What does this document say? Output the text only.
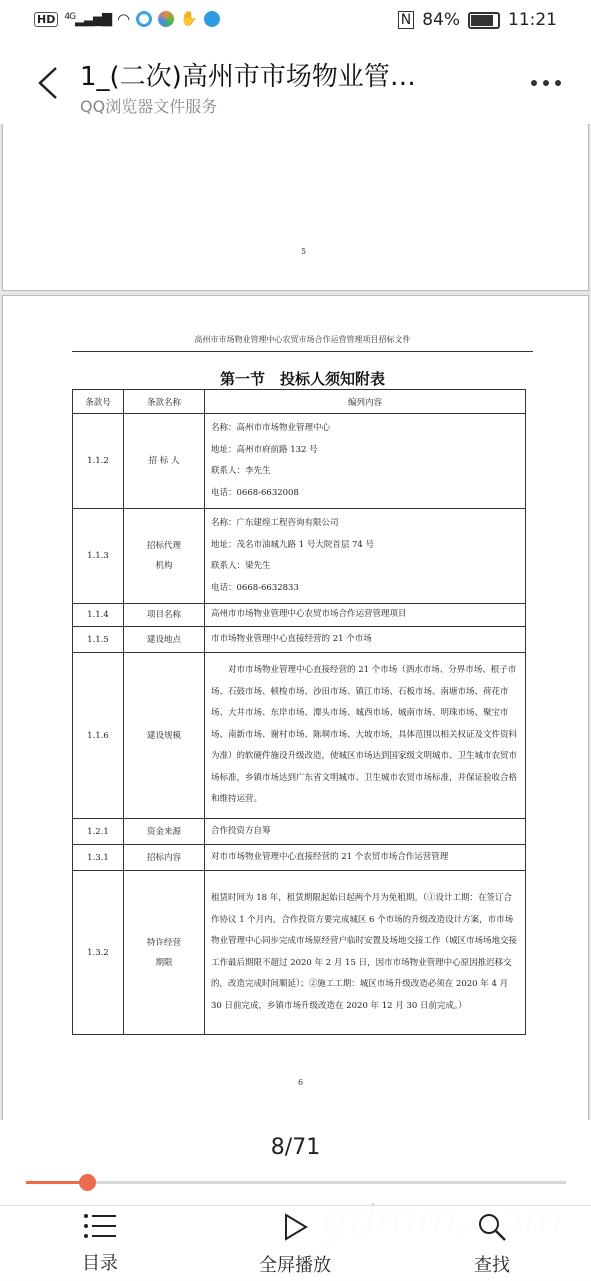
HD	$^{4G}$▂▃▅▇ ◠	✋	N 84%	11:21
1_(二次)高州市市场物业管…
QQ浏览器文件服务
5
高州市市场物业管理中心农贸市场合作运营管理项目招标文件
第一节　投标人须知附表
条款号	条款名称	编列内容
1.1.2	招 标 人	名称：高州市市场物业管理中心
地址：高州市府前路 132 号
联系人：李先生
电话：0668-6632008
1.1.3	招标代理
机构	名称：广东建煌工程咨询有限公司
地址：茂名市油城九路 1 号大院首层 74 号
联系人：梁先生
电话：0668-6632833
1.1.4	项目名称	高州市市场物业管理中心农贸市场合作运营管理项目
1.1.5	建设地点	市市场物业管理中心直接经营的 21 个市场
1.1.6	建设规模	　　对市市场物业管理中心直接经营的 21 个市场（泗水市场、分界市场、根子市场、石鼓市场、顿梭市场、沙田市场、镇江市场、石板市场、南塘市场、荷花市场、大井市场、东岸市场、潭头市场、城西市场、城南市场、明珠市场、聚宝市场、南新市场、谢村市场、陈垌市场、大坡市场，具体范围以相关权证及文件资料为准）的软硬件施设升级改造，使城区市场达到国家级文明城市、卫生城市农贸市场标准，乡镇市场达到广东省文明城市、卫生城市农贸市场标准，并保证验收合格和维持运营。
1.2.1	资金来源	合作投资方自筹
1.3.1	招标内容	对市市场物业管理中心直接经营的 21 个农贸市场合作运营管理
1.3.2	特许经营
期限	租赁时间为 18 年，租赁期限起始日起两个月为免租期。（①设计工期：在签订合作协议 1 个月内，合作投资方要完成城区 6 个市场的升级改造设计方案，市市场物业管理中心同步完成市场原经营户临时安置及场地交接工作（城区市场场地交接工作最后期限不超过 2020 年 2 月 15 日，因市市场物业管理中心原因推迟移交的，改造完成时间顺延）；②施工工期：城区市场升级改造必须在 2020 年 4 月 30 日前完成，乡镇市场升级改造在 2020 年 12 月 30 日前完成。）
6
8/71
目录	全屏播放	查找
